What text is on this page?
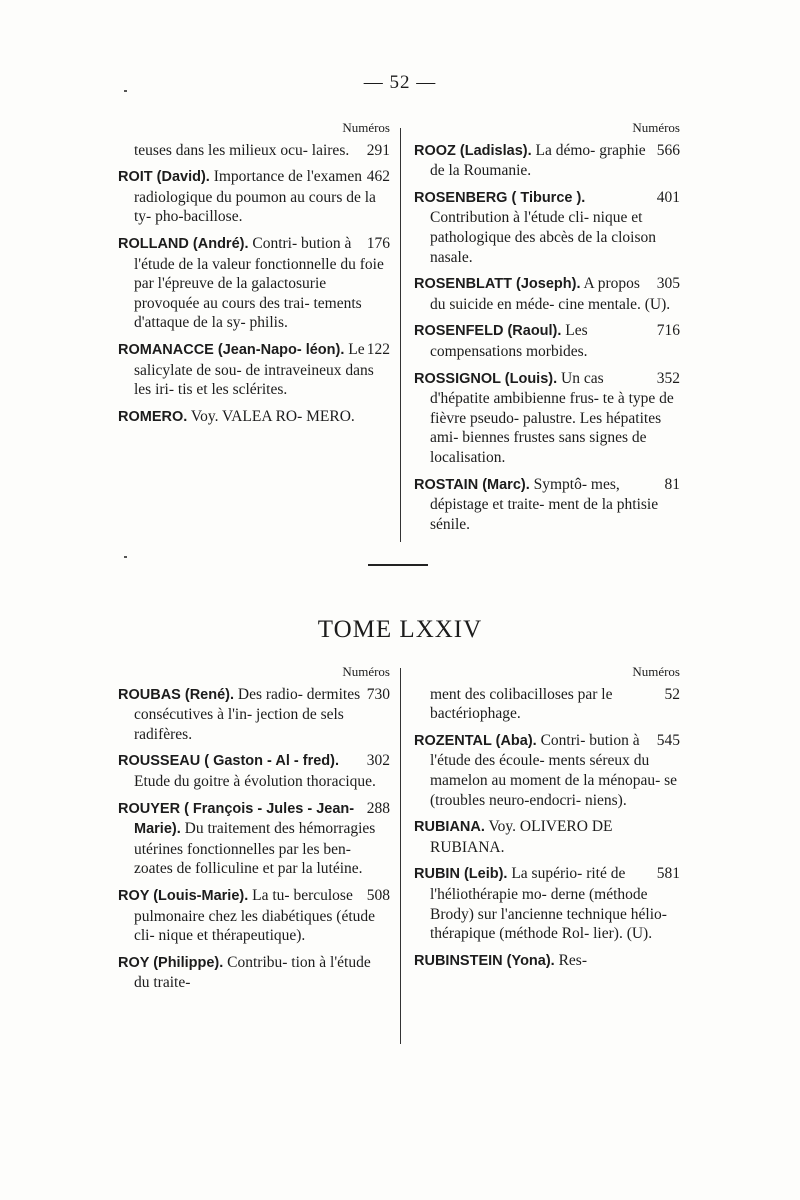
— 52 —
Numéros
291
teuses dans les milieux ocu- laires.
462
ROIT (David). Importance de l'examen radiologique du poumon au cours de la ty- pho-bacillose.
176
ROLLAND (André). Contri- bution à l'étude de la valeur fonctionnelle du foie par l'épreuve de la galactosurie provoquée au cours des trai- tements d'attaque de la sy- philis.
122
ROMANACCE (Jean-Napo- léon). Le salicylate de sou- de intraveineux dans les iri- tis et les sclérites.
ROMERO. Voy. VALEA RO- MERO.
Numéros
566
ROOZ (Ladislas). La démo- graphie de la Roumanie.
401
ROSENBERG ( Tiburce ). Contribution à l'étude cli- nique et pathologique des abcès de la cloison nasale.
305
ROSENBLATT (Joseph). A propos du suicide en méde- cine mentale. (U).
716
ROSENFELD (Raoul). Les compensations morbides.
352
ROSSIGNOL (Louis). Un cas d'hépatite ambibienne frus- te à type de fièvre pseudo- palustre. Les hépatites ami- biennes frustes sans signes de localisation.
81
ROSTAIN (Marc). Symptô- mes, dépistage et traite- ment de la phtisie sénile.
TOME LXXIV
Numéros
730
ROUBAS (René). Des radio- dermites consécutives à l'in- jection de sels radifères.
302
ROUSSEAU ( Gaston - Al - fred). Etude du goitre à évolution thoracique.
288
ROUYER ( François - Jules - Jean-Marie). Du traitement des hémorragies utérines fonctionnelles par les ben- zoates de folliculine et par la lutéine.
508
ROY (Louis-Marie). La tu- berculose pulmonaire chez les diabétiques (étude cli- nique et thérapeutique).
ROY (Philippe). Contribu- tion à l'étude du traite-
Numéros
52
ment des colibacilloses par le bactériophage.
545
ROZENTAL (Aba). Contri- bution à l'étude des écoule- ments séreux du mamelon au moment de la ménopau- se (troubles neuro-endocri- niens).
RUBIANA. Voy. OLIVERO DE RUBIANA.
581
RUBIN (Leib). La supério- rité de l'héliothérapie mo- derne (méthode Brody) sur l'ancienne technique hélio- thérapique (méthode Rol- lier). (U).
RUBINSTEIN (Yona). Res-
